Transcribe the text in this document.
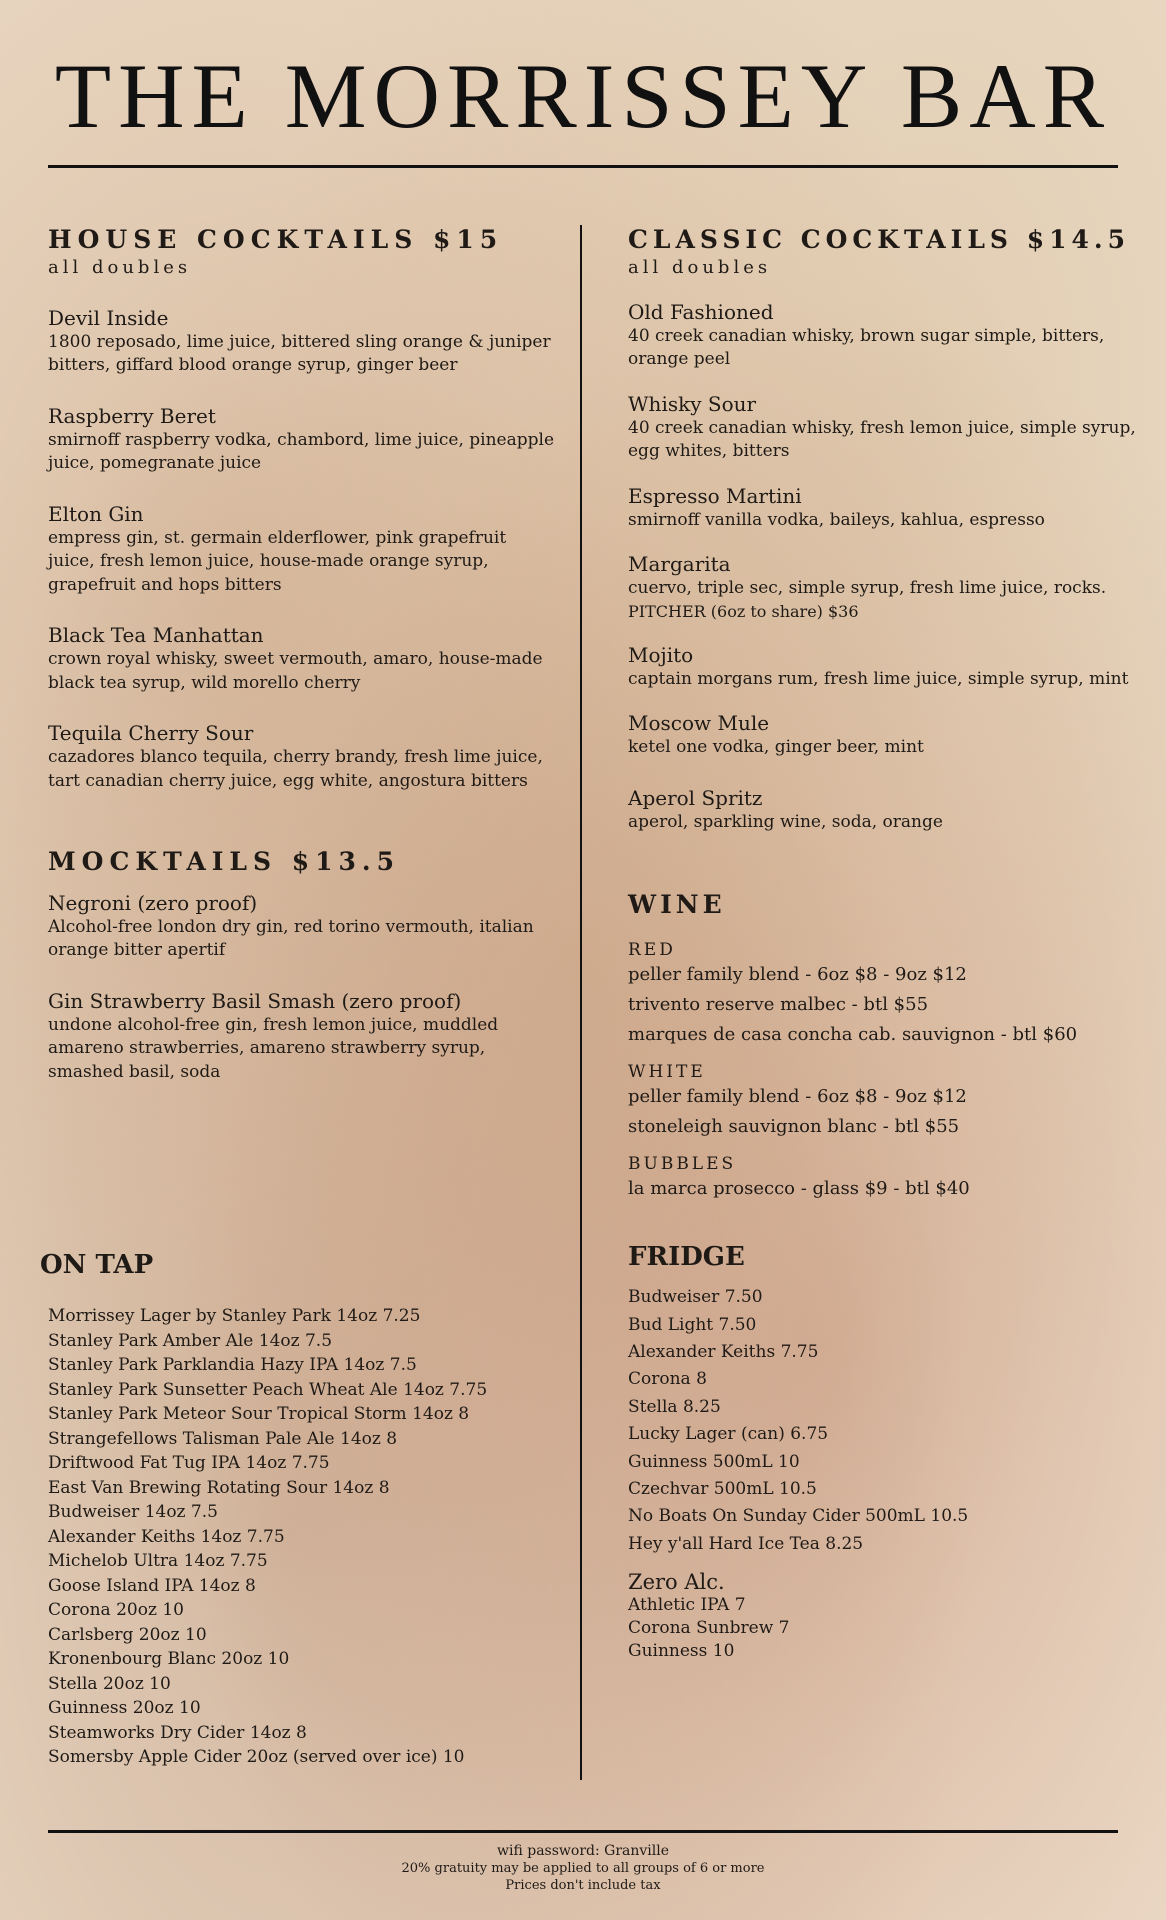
THE MORRISSEY BAR
HOUSE COCKTAILS $15
all doubles
Devil Inside
1800 reposado, lime juice, bittered sling orange & juniper bitters, giffard blood orange syrup, ginger beer
Raspberry Beret
smirnoff raspberry vodka, chambord, lime juice, pineapple juice, pomegranate juice
Elton Gin
empress gin, st. germain elderflower, pink grapefruit juice, fresh lemon juice, house-made orange syrup, grapefruit and hops bitters
Black Tea Manhattan
crown royal whisky, sweet vermouth, amaro, house-made black tea syrup, wild morello cherry
Tequila Cherry Sour
cazadores blanco tequila, cherry brandy, fresh lime juice, tart canadian cherry juice, egg white, angostura bitters
MOCKTAILS $13.5
Negroni (zero proof)
Alcohol-free london dry gin, red torino vermouth, italian orange bitter apertif
Gin Strawberry Basil Smash (zero proof)
undone alcohol-free gin, fresh lemon juice, muddled amareno strawberries, amareno strawberry syrup, smashed basil, soda
ON TAP
Morrissey Lager by Stanley Park 14oz 7.25
Stanley Park Amber Ale 14oz 7.5
Stanley Park Parklandia Hazy IPA 14oz 7.5
Stanley Park Sunsetter Peach Wheat Ale 14oz 7.75
Stanley Park Meteor Sour Tropical Storm 14oz 8
Strangefellows Talisman Pale Ale 14oz 8
Driftwood Fat Tug IPA 14oz 7.75
East Van Brewing Rotating Sour 14oz 8
Budweiser 14oz 7.5
Alexander Keiths 14oz 7.75
Michelob Ultra 14oz 7.75
Goose Island IPA 14oz 8
Corona 20oz 10
Carlsberg 20oz 10
Kronenbourg Blanc 20oz 10
Stella 20oz 10
Guinness 20oz 10
Steamworks Dry Cider 14oz 8
Somersby Apple Cider 20oz (served over ice) 10
CLASSIC COCKTAILS $14.5
all doubles
Old Fashioned
40 creek canadian whisky, brown sugar simple, bitters, orange peel
Whisky Sour
40 creek canadian whisky, fresh lemon juice, simple syrup, egg whites, bitters
Espresso Martini
smirnoff vanilla vodka, baileys, kahlua, espresso
Margarita
cuervo, triple sec, simple syrup, fresh lime juice, rocks.
PITCHER (6oz to share) $36
Mojito
captain morgans rum, fresh lime juice, simple syrup, mint
Moscow Mule
ketel one vodka, ginger beer, mint
Aperol Spritz
aperol, sparkling wine, soda, orange
WINE
RED
peller family blend - 6oz $8 - 9oz $12
trivento reserve malbec - btl $55
marques de casa concha cab. sauvignon - btl $60
WHITE
peller family blend - 6oz $8 - 9oz $12
stoneleigh sauvignon blanc - btl $55
BUBBLES
la marca prosecco - glass $9 - btl $40
FRIDGE
Budweiser 7.50
Bud Light 7.50
Alexander Keiths 7.75
Corona 8
Stella 8.25
Lucky Lager (can) 6.75
Guinness 500mL 10
Czechvar 500mL 10.5
No Boats On Sunday Cider 500mL 10.5
Hey y'all Hard Ice Tea 8.25
Zero Alc.
Athletic IPA 7
Corona Sunbrew 7
Guinness 10
wifi password: Granville
20% gratuity may be applied to all groups of 6 or more
Prices don't include tax
